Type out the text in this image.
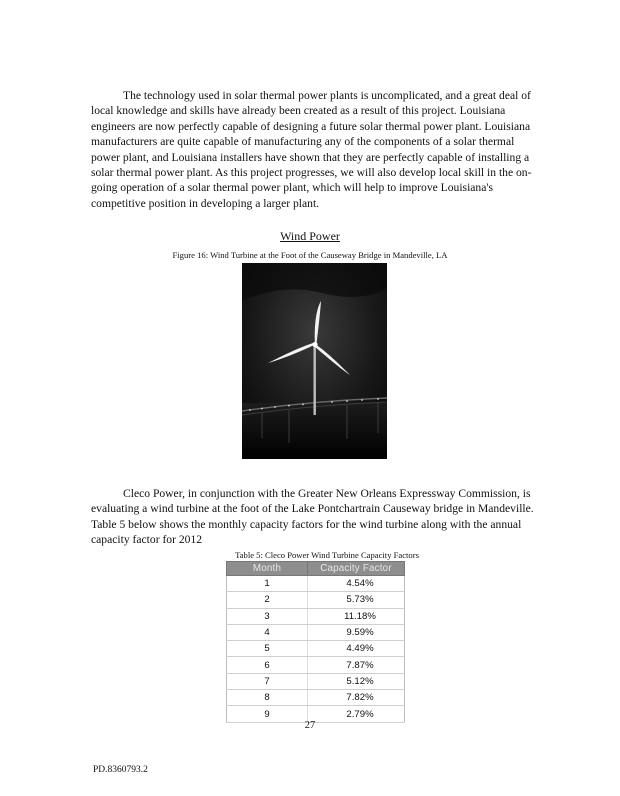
The technology used in solar thermal power plants is uncomplicated, and a great deal of local knowledge and skills have already been created as a result of this project. Louisiana engineers are now perfectly capable of designing a future solar thermal power plant. Louisiana manufacturers are quite capable of manufacturing any of the components of a solar thermal power plant, and Louisiana installers have shown that they are perfectly capable of installing a solar thermal power plant. As this project progresses, we will also develop local skill in the on-going operation of a solar thermal power plant, which will help to improve Louisiana's competitive position in developing a larger plant.

Wind Power
Figure 16: Wind Turbine at the Foot of the Causeway Bridge in Mandeville, LA

Cleco Power, in conjunction with the Greater New Orleans Expressway Commission, is evaluating a wind turbine at the foot of the Lake Pontchartrain Causeway bridge in Mandeville. Table 5 below shows the monthly capacity factors for the wind turbine along with the annual capacity factor for 2012

Table 5: Cleco Power Wind Turbine Capacity Factors
Month	Capacity Factor
1	4.54%
2	5.73%
3	11.18%
4	9.59%
5	4.49%
6	7.87%
7	5.12%
8	7.82%
9	2.79%
27
PD.8360793.2
